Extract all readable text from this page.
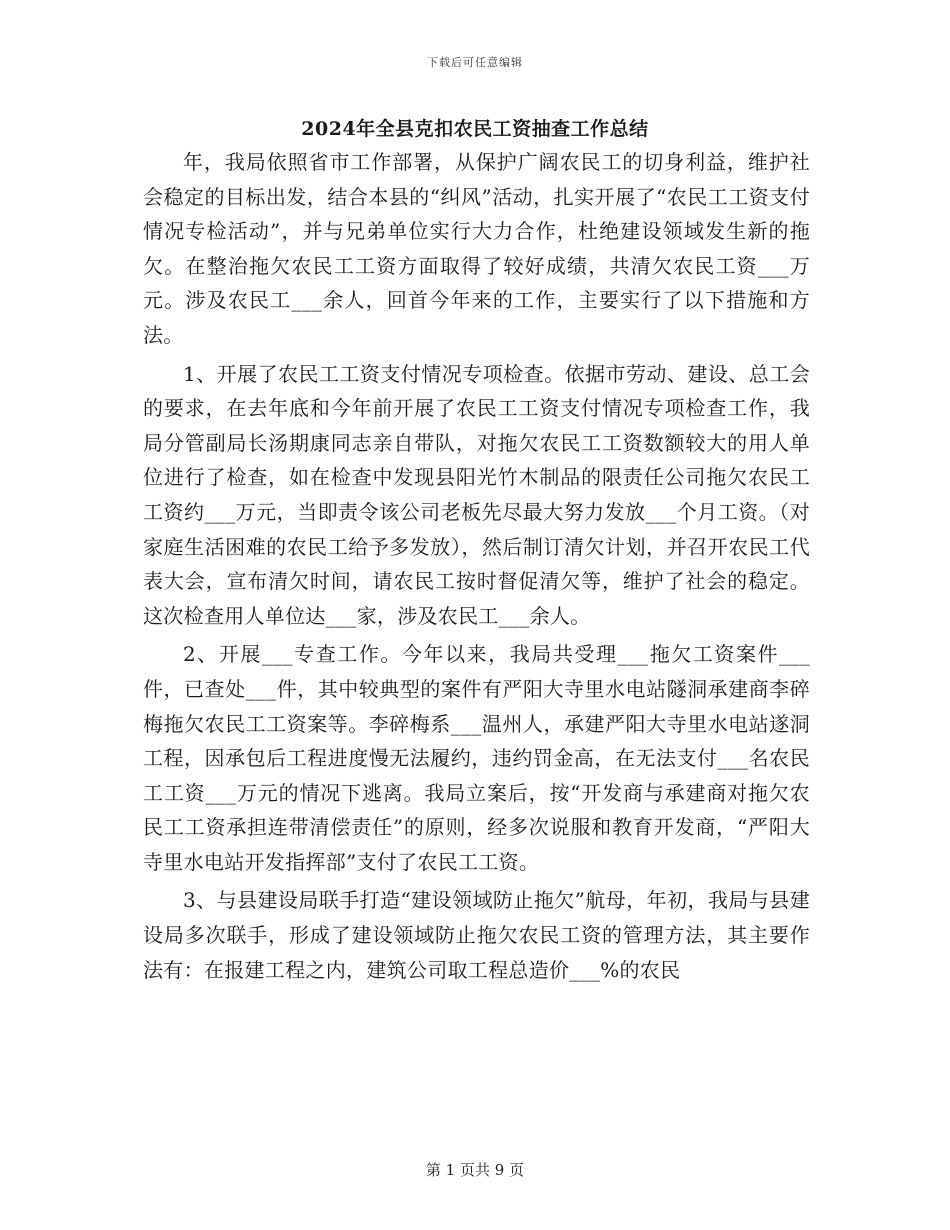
下载后可任意编辑
2024年全县克扣农民工资抽查工作总结

年，我局依照省市工作部署，从保护广阔农民工的切身利益，维护社会稳定的目标出发，结合本县的“纠风”活动，扎实开展了“农民工工资支付情况专检活动”，并与兄弟单位实行大力合作，杜绝建设领域发生新的拖欠。在整治拖欠农民工工资方面取得了较好成绩，共清欠农民工资___万元。涉及农民工___余人，回首今年来的工作，主要实行了以下措施和方法。

1、开展了农民工工资支付情况专项检查。依据市劳动、建设、总工会的要求，在去年底和今年前开展了农民工工资支付情况专项检查工作，我局分管副局长汤期康同志亲自带队，对拖欠农民工工资数额较大的用人单位进行了检查，如在检查中发现县阳光竹木制品的限责任公司拖欠农民工工资约___万元，当即责令该公司老板先尽最大努力发放___个月工资。（对家庭生活困难的农民工给予多发放），然后制订清欠计划，并召开农民工代表大会，宣布清欠时间，请农民工按时督促清欠等，维护了社会的稳定。这次检查用人单位达___家，涉及农民工___余人。

2、开展___专查工作。今年以来，我局共受理___拖欠工资案件___件，已查处___件，其中较典型的案件有严阳大寺里水电站隧洞承建商李碎梅拖欠农民工工资案等。李碎梅系___温州人，承建严阳大寺里水电站遂洞工程，因承包后工程进度慢无法履约，违约罚金高，在无法支付___名农民工工资___万元的情况下逃离。我局立案后，按“开发商与承建商对拖欠农民工工资承担连带清偿责任”的原则，经多次说服和教育开发商，“严阳大寺里水电站开发指挥部”支付了农民工工资。

3、与县建设局联手打造“建设领域防止拖欠”航母，年初，我局与县建设局多次联手，形成了建设领域防止拖欠农民工资的管理方法，其主要作法有：在报建工程之内，建筑公司取工程总造价___%的农民

第 1 页共 9 页
